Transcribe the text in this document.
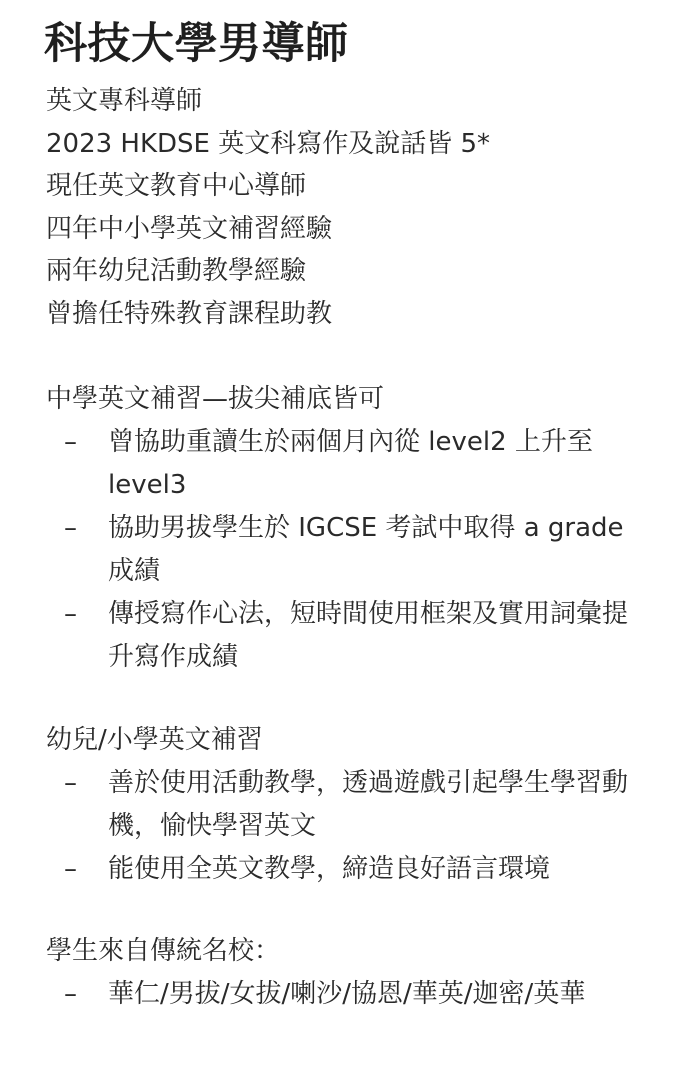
科技大學男導師
英文專科導師
2023 HKDSE 英文科寫作及說話皆 5*
現任英文教育中心導師
四年中小學英文補習經驗
兩年幼兒活動教學經驗
曾擔任特殊教育課程助教
中學英文補習—拔尖補底皆可
– 曾協助重讀生於兩個月內從 level2 上升至 level3
– 協助男拔學生於 IGCSE 考試中取得 a grade 成績
– 傳授寫作心法，短時間使用框架及實用詞彙提升寫作成績
幼兒/小學英文補習
– 善於使用活動教學，透過遊戲引起學生學習動機，愉快學習英文
– 能使用全英文教學，締造良好語言環境
學生來自傳統名校：
– 華仁/男拔/女拔/喇沙/協恩/華英/迦密/英華
